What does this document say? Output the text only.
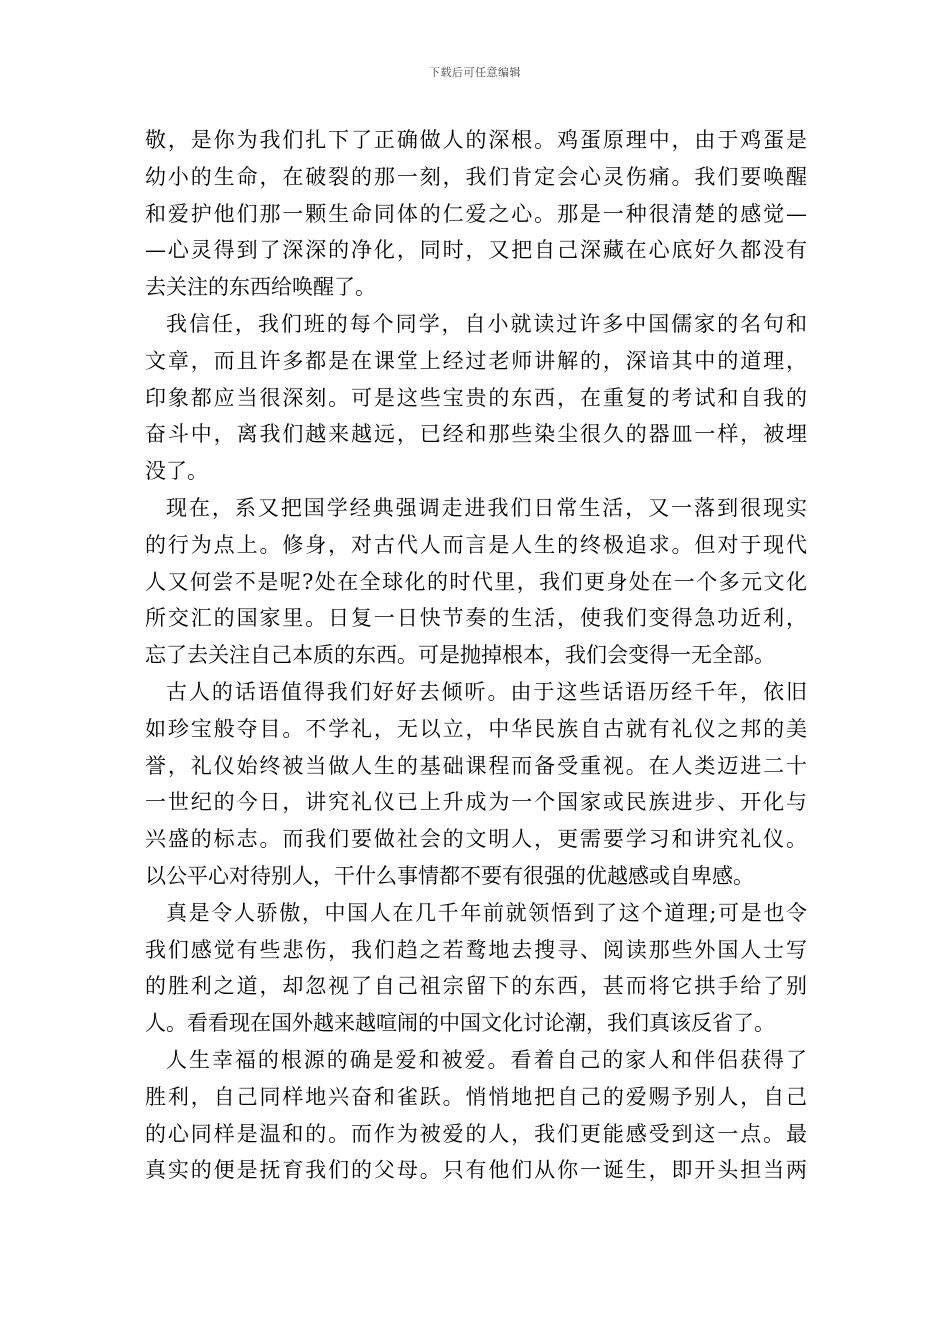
下载后可任意编辑
敬，是你为我们扎下了正确做人的深根。鸡蛋原理中，由于鸡蛋是
幼小的生命，在破裂的那一刻，我们肯定会心灵伤痛。我们要唤醒
和爱护他们那一颗生命同体的仁爱之心。那是一种很清楚的感觉—
—心灵得到了深深的净化，同时，又把自己深藏在心底好久都没有
去关注的东西给唤醒了。
我信任，我们班的每个同学，自小就读过许多中国儒家的名句和
文章，而且许多都是在课堂上经过老师讲解的，深谙其中的道理，
印象都应当很深刻。可是这些宝贵的东西，在重复的考试和自我的
奋斗中，离我们越来越远，已经和那些染尘很久的器皿一样，被埋
没了。
现在，系又把国学经典强调走进我们日常生活，又一落到很现实
的行为点上。修身，对古代人而言是人生的终极追求。但对于现代
人又何尝不是呢?处在全球化的时代里，我们更身处在一个多元文化
所交汇的国家里。日复一日快节奏的生活，使我们变得急功近利，
忘了去关注自己本质的东西。可是抛掉根本，我们会变得一无全部。
古人的话语值得我们好好去倾听。由于这些话语历经千年，依旧
如珍宝般夺目。不学礼，无以立，中华民族自古就有礼仪之邦的美
誉，礼仪始终被当做人生的基础课程而备受重视。在人类迈进二十
一世纪的今日，讲究礼仪已上升成为一个国家或民族进步、开化与
兴盛的标志。而我们要做社会的文明人，更需要学习和讲究礼仪。
以公平心对待别人，干什么事情都不要有很强的优越感或自卑感。
真是令人骄傲，中国人在几千年前就领悟到了这个道理;可是也令
我们感觉有些悲伤，我们趋之若鹜地去搜寻、阅读那些外国人士写
的胜利之道，却忽视了自己祖宗留下的东西，甚而将它拱手给了别
人。看看现在国外越来越喧闹的中国文化讨论潮，我们真该反省了。
人生幸福的根源的确是爱和被爱。看着自己的家人和伴侣获得了
胜利，自己同样地兴奋和雀跃。悄悄地把自己的爱赐予别人，自己
的心同样是温和的。而作为被爱的人，我们更能感受到这一点。最
真实的便是抚育我们的父母。只有他们从你一诞生，即开头担当两
